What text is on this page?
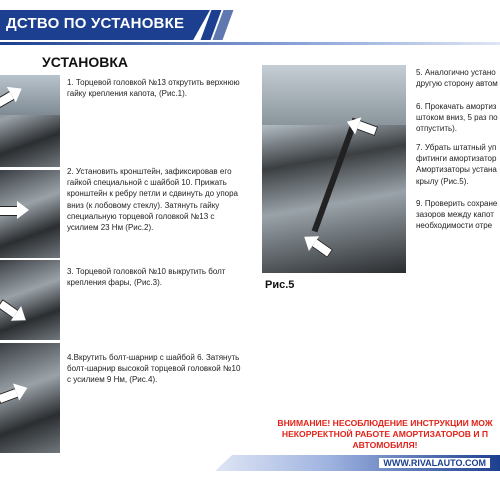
ДСТВО ПО УСТАНОВКЕ
УСТАНОВКА
1. Торцевой головкой №13 открутить верхнюю гайку крепления капота, (Рис.1).
2. Установить кронштейн, зафиксировав его гайкой специальной с шайбой 10. Прижать кронштейн к ребру петли и сдвинуть до упора вниз (к лобовому стеклу). Затянуть гайку специальную торцевой головкой №13 с усилием 23 Нм (Рис.2).
3. Торцевой головкой №10 выкрутить болт крепления фары, (Рис.3).
4.Вкрутить болт-шарнир с шайбой 6. Затянуть болт-шарнир высокой торцевой головкой №10 с усилием 9 Нм, (Рис.4).
Рис.5
5. Аналогично устано другую сторону автом
6. Прокачать амортиз штоком вниз, 5 раз по отпустить).
7. Убрать штатный уп фитинги амортизатор Амортизаторы устана крылу (Рис.5).
9. Проверить сохране зазоров между капот необходимости отре
ВНИМАНИЕ! НЕСОБЛЮДЕНИЕ ИНСТРУКЦИИ МОЖ
НЕКОРРЕКТНОЙ РАБОТЕ АМОРТИЗАТОРОВ И П
АВТОМОБИЛЯ!
WWW.RIVALAUTO.COM
